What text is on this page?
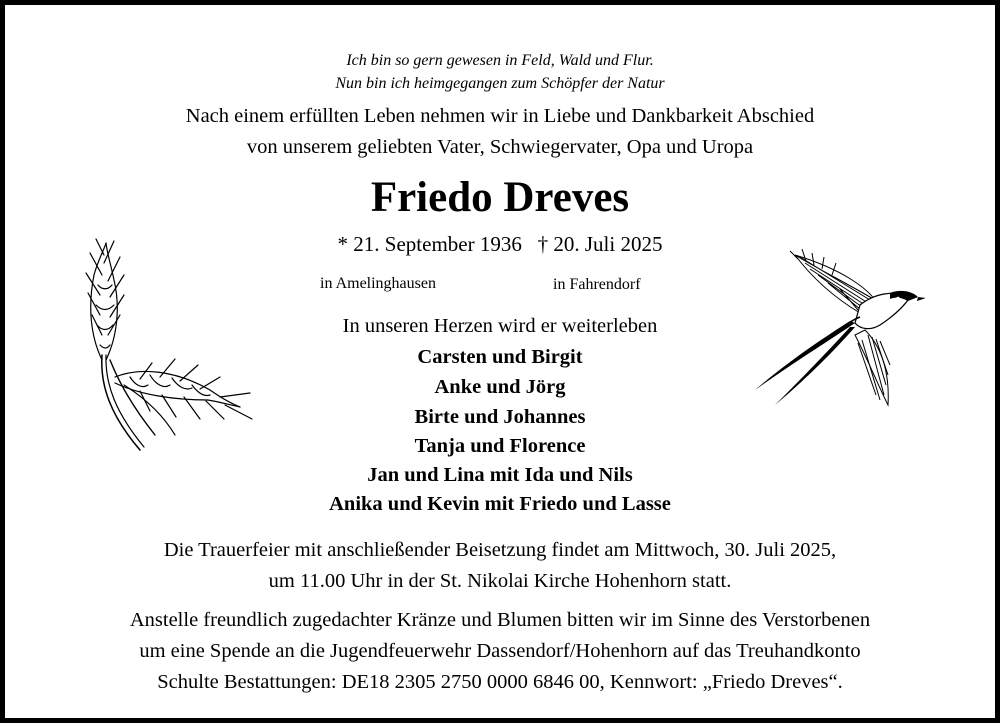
Ich bin so gern gewesen in Feld, Wald und Flur.
Nun bin ich heimgegangen zum Schöpfer der Natur
Nach einem erfüllten Leben nehmen wir in Liebe und Dankbarkeit Abschied
von unserem geliebten Vater, Schwiegervater, Opa und Uropa
Friedo Dreves
* 21. September 1936   † 20. Juli 2025
in Amelinghausen	in Fahrendorf
In unseren Herzen wird er weiterleben
Carsten und Birgit
Anke und Jörg
Birte und Johannes
Tanja und Florence
Jan und Lina mit Ida und Nils
Anika und Kevin mit Friedo und Lasse
Die Trauerfeier mit anschließender Beisetzung findet am Mittwoch, 30. Juli 2025,
um 11.00 Uhr in der St. Nikolai Kirche Hohenhorn statt.
Anstelle freundlich zugedachter Kränze und Blumen bitten wir im Sinne des Verstorbenen
um eine Spende an die Jugendfeuerwehr Dassendorf/Hohenhorn auf das Treuhandkonto
Schulte Bestattungen: DE18 2305 2750 0000 6846 00, Kennwort: „Friedo Dreves“.
